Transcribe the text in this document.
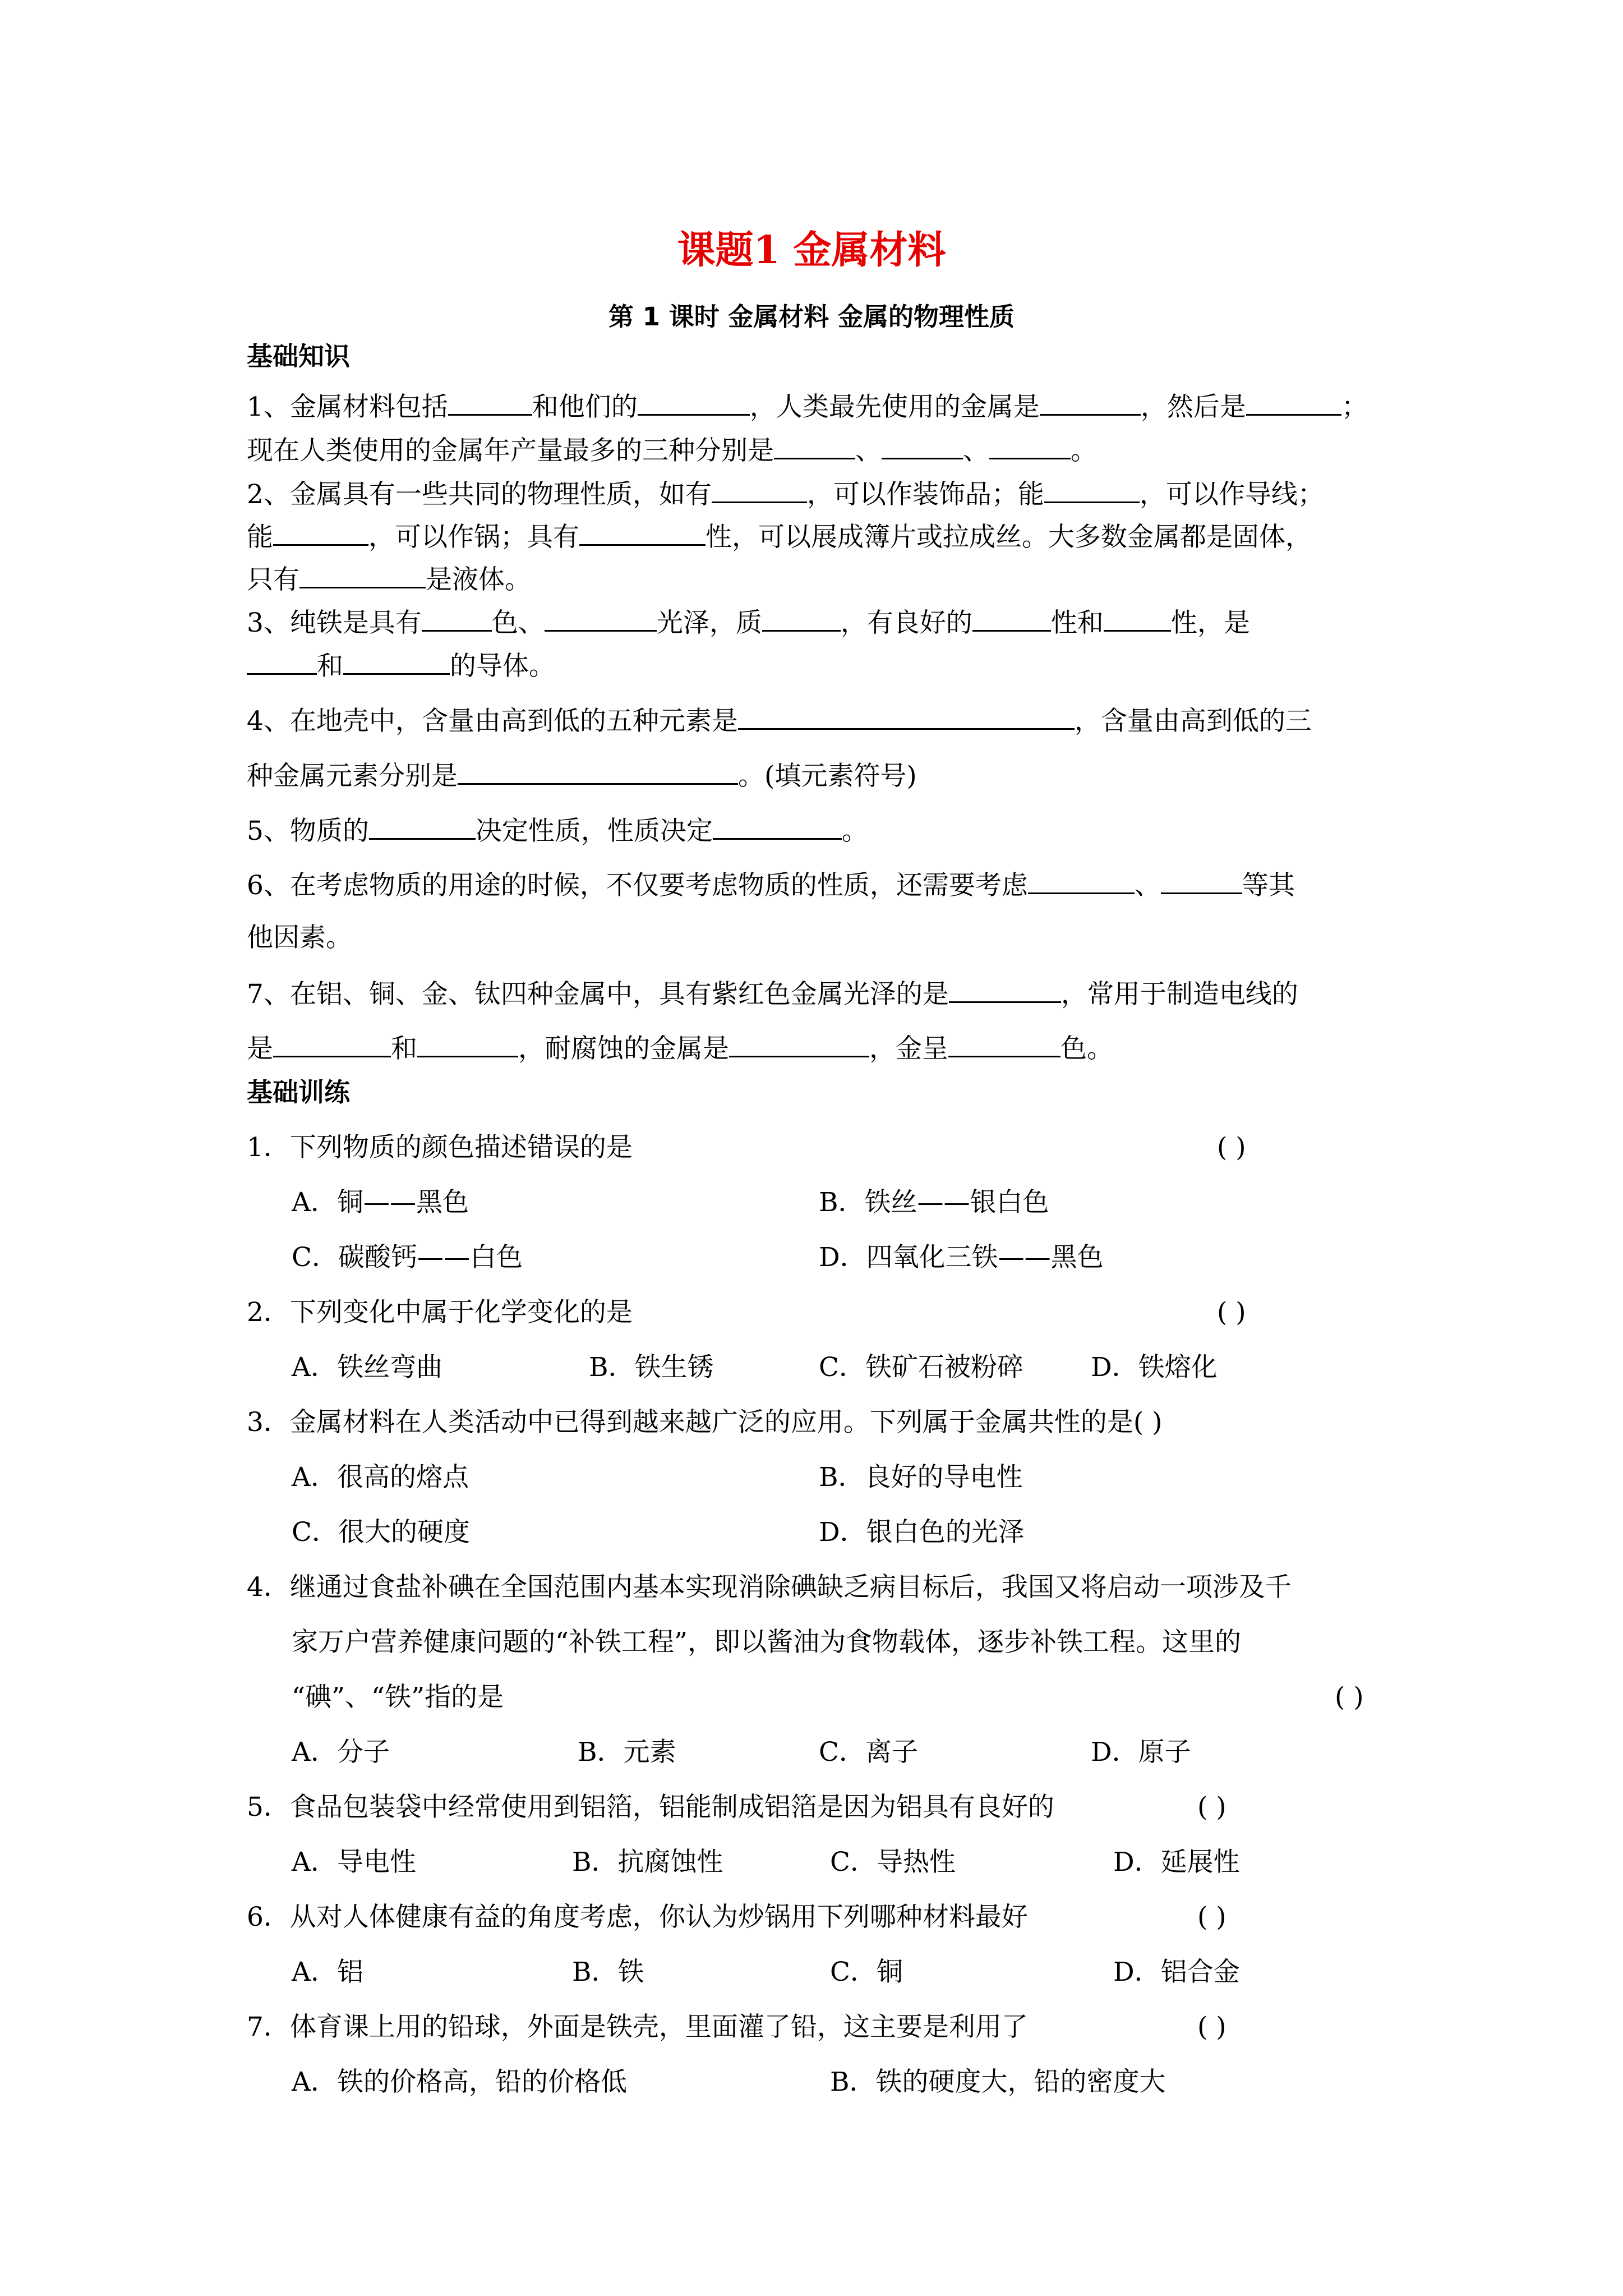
课题1 金属材料
第 1 课时 金属材料 金属的物理性质
基础知识
1、金属材料包括	和他们的	，人类最先使用的金属是	，然后是	；
现在人类使用的金属年产量最多的三种分别是	、	、	。
2、金属具有一些共同的物理性质，如有	，可以作装饰品；能	，可以作导线；
能	，可以作锅；具有	性，可以展成簿片或拉成丝。大多数金属都是固体，
只有	是液体。
3、纯铁是具有	色、	光泽，质	，有良好的	性和	性，是
和	的导体。
4、在地壳中，含量由高到低的五种元素是	，含量由高到低的三
种金属元素分别是	。(填元素符号)
5、物质的	决定性质，性质决定	。
6、在考虑物质的用途的时候，不仅要考虑物质的性质，还需要考虑	、	等其
他因素。
7、在铝、铜、金、钛四种金属中，具有紫红色金属光泽的是	，常用于制造电线的
是	和	，耐腐蚀的金属是	，金呈	色。
基础训练
1．下列物质的颜色描述错误的是	( )
A．铜——黑色	B．铁丝——银白色
C．碳酸钙——白色	D．四氧化三铁——黑色
2．下列变化中属于化学变化的是	( )
A．铁丝弯曲	B．铁生锈	C．铁矿石被粉碎	D．铁熔化
3．金属材料在人类活动中已得到越来越广泛的应用。下列属于金属共性的是( )
A．很高的熔点	B．良好的导电性
C．很大的硬度	D．银白色的光泽
4．继通过食盐补碘在全国范围内基本实现消除碘缺乏病目标后，我国又将启动一项涉及千
家万户营养健康问题的“补铁工程”，即以酱油为食物载体，逐步补铁工程。这里的
“碘”、“铁”指的是	( )
A．分子	B．元素	C．离子	D．原子
5．食品包装袋中经常使用到铝箔，铝能制成铝箔是因为铝具有良好的	( )
A．导电性	B．抗腐蚀性	C．导热性	D．延展性
6．从对人体健康有益的角度考虑，你认为炒锅用下列哪种材料最好	( )
A．铝	B．铁	C．铜	D．铝合金
7．体育课上用的铅球，外面是铁壳，里面灌了铅，这主要是利用了	( )
A．铁的价格高，铅的价格低	B．铁的硬度大，铅的密度大
